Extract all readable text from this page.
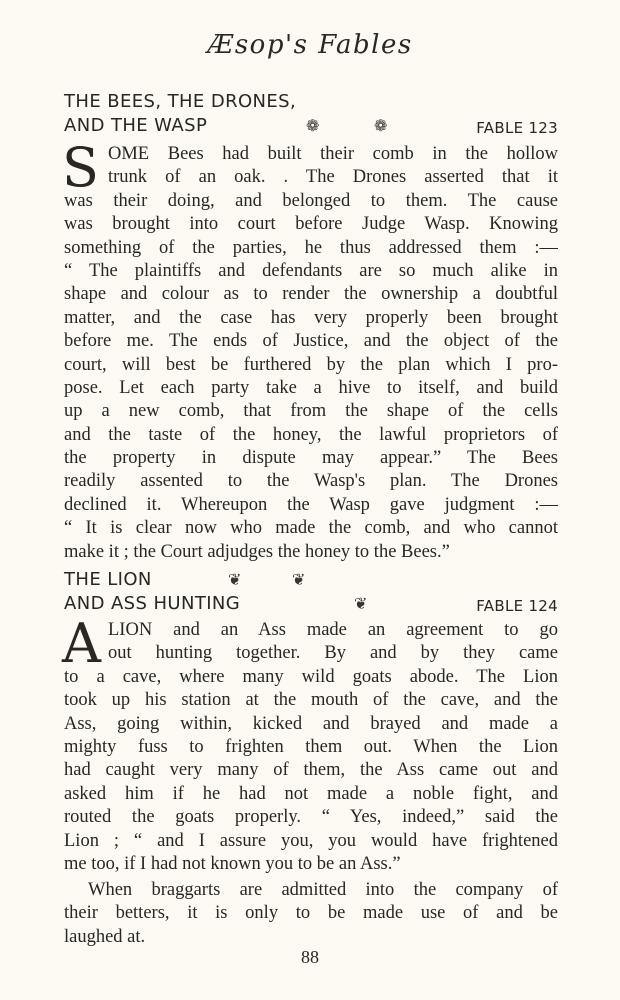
Æsop's Fables
THE BEES, THE DRONES,
AND THE WASP	❁	❁	FABLE 123
S OME Bees had built their comb in the hollow
trunk of an oak. . The Drones asserted that it
was their doing, and belonged to them. The cause
was brought into court before Judge Wasp. Knowing
something of the parties, he thus addressed them :—
“ The plaintiffs and defendants are so much alike in
shape and colour as to render the ownership a doubtful
matter, and the case has very properly been brought
before me. The ends of Justice, and the object of the
court, will best be furthered by the plan which I pro-
pose. Let each party take a hive to itself, and build
up a new comb, that from the shape of the cells
and the taste of the honey, the lawful proprietors of
the property in dispute may appear.” The Bees
readily assented to the Wasp's plan. The Drones
declined it. Whereupon the Wasp gave judgment :—
“ It is clear now who made the comb, and who cannot
make it ; the Court adjudges the honey to the Bees.”
THE LION	❦	❦
AND ASS HUNTING	❦	FABLE 124
A LION and an Ass made an agreement to go
out hunting together. By and by they came
to a cave, where many wild goats abode. The Lion
took up his station at the mouth of the cave, and the
Ass, going within, kicked and brayed and made a
mighty fuss to frighten them out. When the Lion
had caught very many of them, the Ass came out and
asked him if he had not made a noble fight, and
routed the goats properly. “ Yes, indeed,” said the
Lion ; “ and I assure you, you would have frightened
me too, if I had not known you to be an Ass.”
When braggarts are admitted into the company of
their betters, it is only to be made use of and be
laughed at.
88
